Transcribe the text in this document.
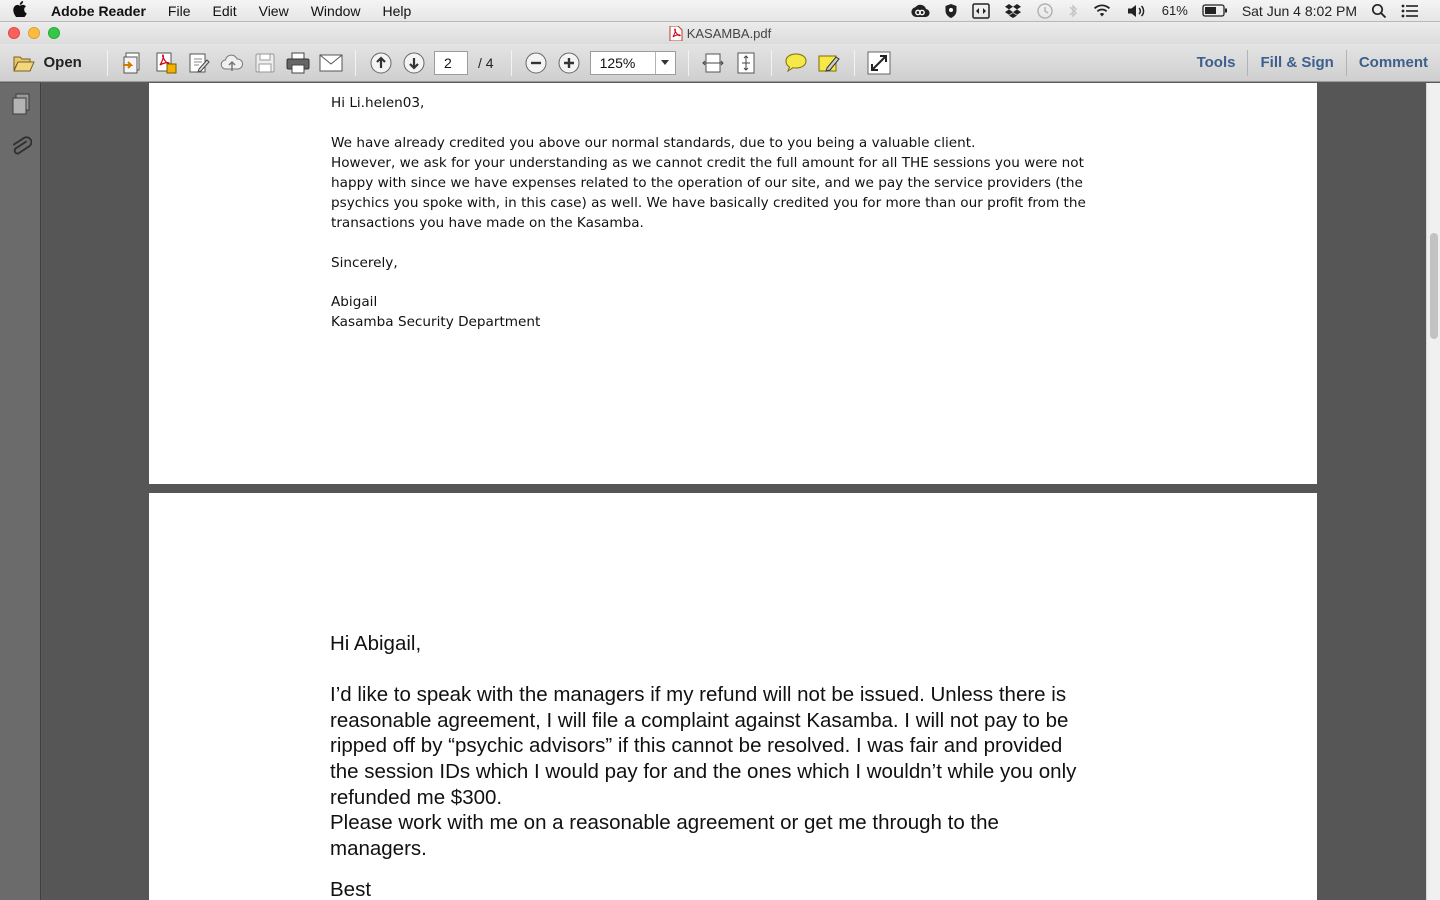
Adobe Reader	File	Edit	View	Window	Help	61%	Sat Jun 4 8:02 PM
KASAMBA.pdf
Open	2	/ 4	125%	Tools	Fill & Sign	Comment
Hi Li.helen03,
We have already credited you above our normal standards, due to you being a valuable client.
However, we ask for your understanding as we cannot credit the full amount for all THE sessions you were not
happy with since we have expenses related to the operation of our site, and we pay the service providers (the
psychics you spoke with, in this case) as well. We have basically credited you for more than our profit from the
transactions you have made on the Kasamba.
Sincerely,
Abigail
Kasamba Security Department
Hi Abigail,
I’d like to speak with the managers if my refund will not be issued. Unless there is
reasonable agreement, I will file a complaint against Kasamba. I will not pay to be
ripped off by “psychic advisors” if this cannot be resolved. I was fair and provided
the session IDs which I would pay for and the ones which I wouldn’t while you only
refunded me $300.
Please work with me on a reasonable agreement or get me through to the
managers.
Best
